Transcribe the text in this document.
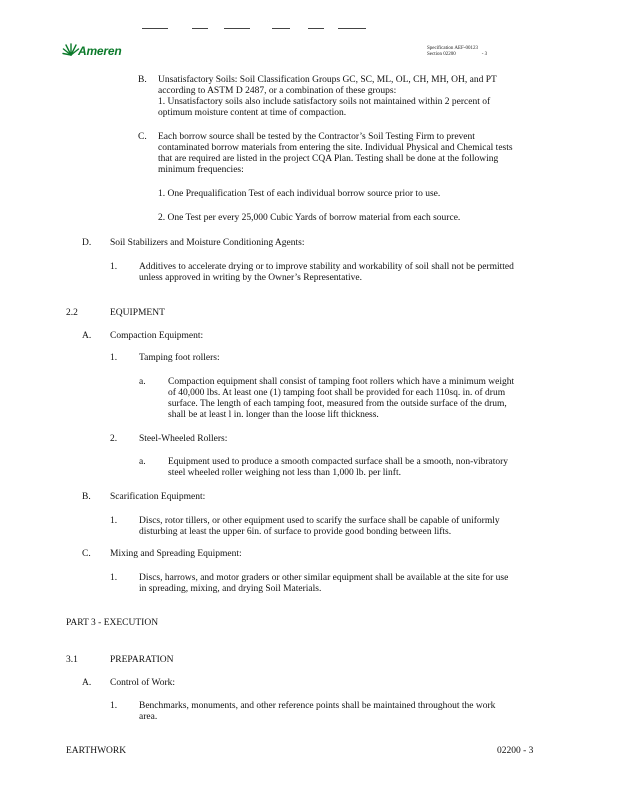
Ameren	Specification AEF-00123
Section 02200	- 3
B. Unsatisfactory Soils: Soil Classification Groups GC, SC, ML, OL, CH, MH, OH, and PT
according to ASTM D 2487, or a combination of these groups:
1. Unsatisfactory soils also include satisfactory soils not maintained within 2 percent of
optimum moisture content at time of compaction.
C. Each borrow source shall be tested by the Contractor’s Soil Testing Firm to prevent
contaminated borrow materials from entering the site. Individual Physical and Chemical tests
that are required are listed in the project CQA Plan. Testing shall be done at the following
minimum frequencies:
1. One Prequalification Test of each individual borrow source prior to use.
2. One Test per every 25,000 Cubic Yards of borrow material from each source.
D. Soil Stabilizers and Moisture Conditioning Agents:
1. Additives to accelerate drying or to improve stability and workability of soil shall not be permitted
unless approved in writing by the Owner’s Representative.
2.2	EQUIPMENT
A. Compaction Equipment:
1. Tamping foot rollers:
a. Compaction equipment shall consist of tamping foot rollers which have a minimum weight
of 40,000 lbs. At least one (1) tamping foot shall be provided for each 110sq. in. of drum
surface. The length of each tamping foot, measured from the outside surface of the drum,
shall be at least l in. longer than the loose lift thickness.
2. Steel-Wheeled Rollers:
a. Equipment used to produce a smooth compacted surface shall be a smooth, non-vibratory
steel wheeled roller weighing not less than 1,000 lb. per linft.
B. Scarification Equipment:
1. Discs, rotor tillers, or other equipment used to scarify the surface shall be capable of uniformly
disturbing at least the upper 6in. of surface to provide good bonding between lifts.
C. Mixing and Spreading Equipment:
1. Discs, harrows, and motor graders or other similar equipment shall be available at the site for use
in spreading, mixing, and drying Soil Materials.
PART 3 - EXECUTION
3.1	PREPARATION
A. Control of Work:
1. Benchmarks, monuments, and other reference points shall be maintained throughout the work
area.
EARTHWORK	02200 - 3
